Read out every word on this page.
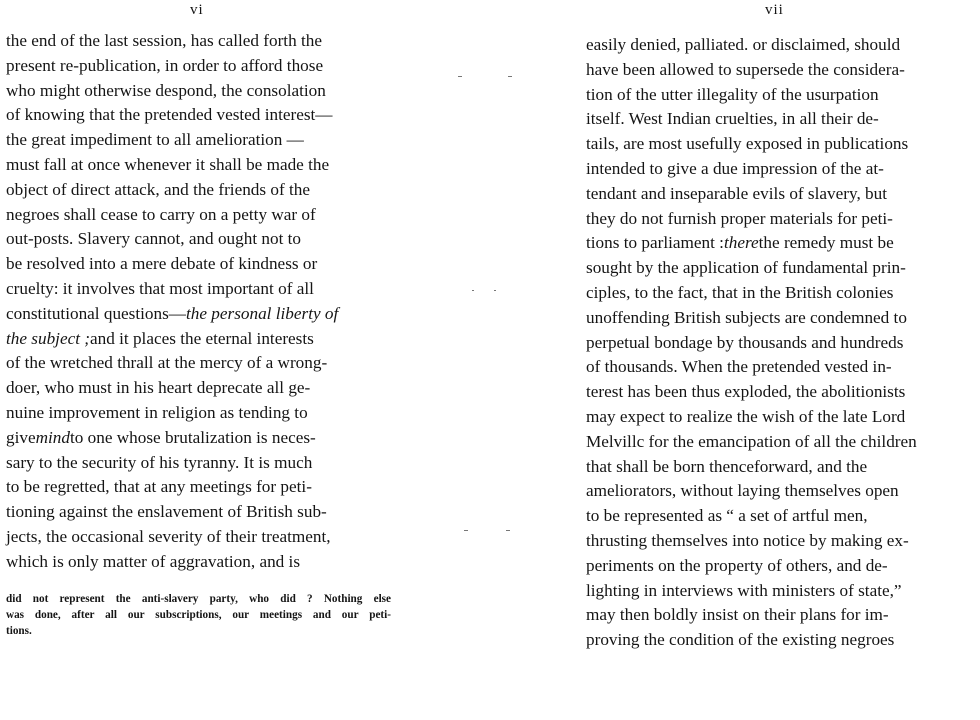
vi
the end of the last session, has called forth the
present re-publication, in order to afford those
who might otherwise despond, the consolation
of knowing that the pretended vested interest—
the great impediment to all amelioration —
must fall at once whenever it shall be made the
object of direct attack, and the friends of the
negroes shall cease to carry on a petty war of
out-posts. Slavery cannot, and ought not to
be resolved into a mere debate of kindness or
cruelty: it involves that most important of all
constitutional questions—the personal liberty of
the subject ;and it places the eternal interests
of the wretched thrall at the mercy of a wrong-
doer, who must in his heart deprecate all ge-
nuine improvement in religion as tending to
givemindto one whose brutalization is neces-
sary to the security of his tyranny. It is much
to be regretted, that at any meetings for peti-
tioning against the enslavement of British sub-
jects, the occasional severity of their treatment,
which is only matter of aggravation, and is
did not represent the anti-slavery party, who did ? Nothing else
was done, after all our subscriptions, our meetings and our peti-
tions.
vii
easily denied, palliated. or disclaimed, should
have been allowed to supersede the considera-
tion of the utter illegality of the usurpation
itself. West Indian cruelties, in all their de-
tails, are most usefully exposed in publications
intended to give a due impression of the at-
tendant and inseparable evils of slavery, but
they do not furnish proper materials for peti-
tions to parliament :therethe remedy must be
sought by the application of fundamental prin-
ciples, to the fact, that in the British colonies
unoffending British subjects are condemned to
perpetual bondage by thousands and hundreds
of thousands. When the pretended vested in-
terest has been thus exploded, the abolitionists
may expect to realize the wish of the late Lord
Melvillc for the emancipation of all the children
that shall be born thenceforward, and the
ameliorators, without laying themselves open
to be represented as “ a set of artful men,
thrusting themselves into notice by making ex-
periments on the property of others, and de-
lighting in interviews with ministers of state,”
may then boldly insist on their plans for im-
proving the condition of the existing negroes
